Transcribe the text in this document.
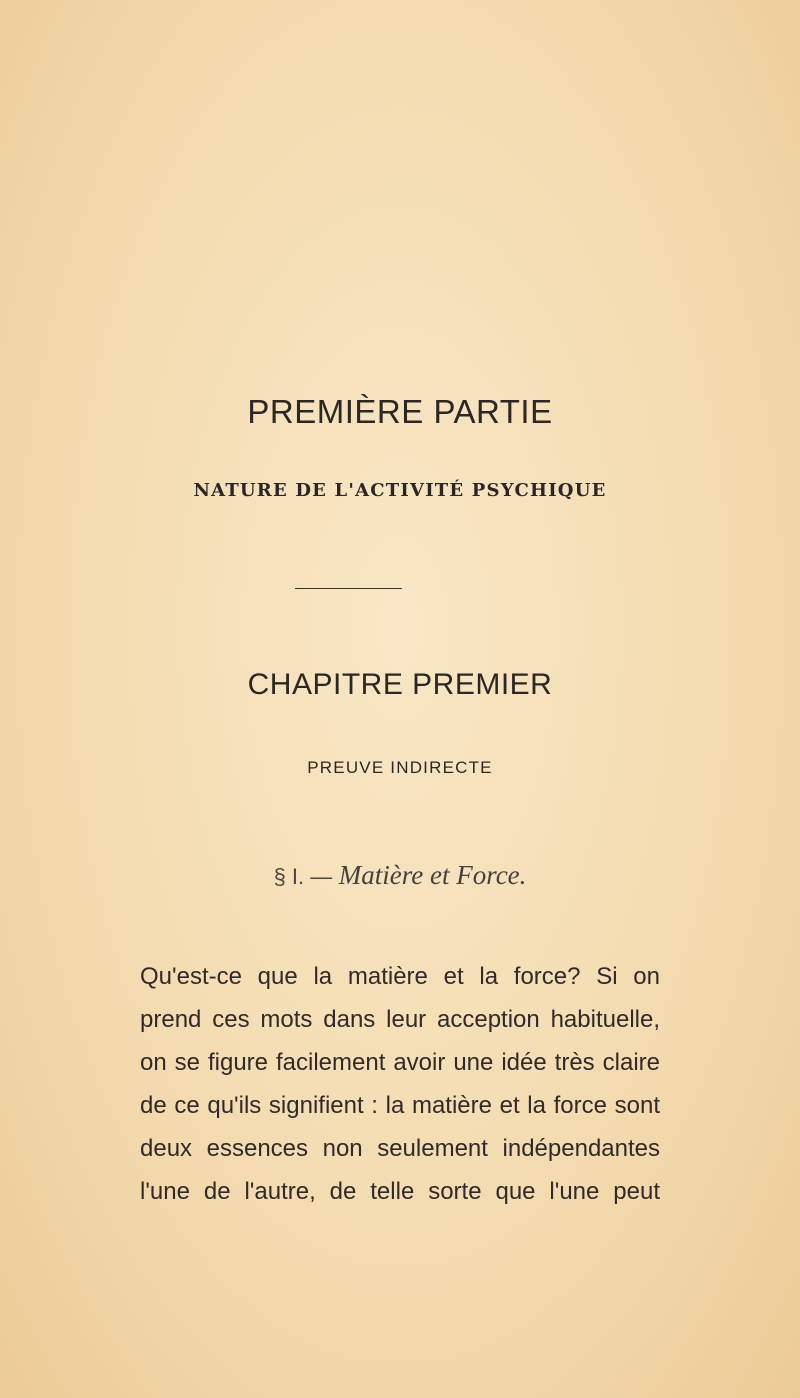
PREMIÈRE PARTIE
NATURE DE L'ACTIVITÉ PSYCHIQUE
CHAPITRE PREMIER
PREUVE INDIRECTE
§ I. — Matière et Force.
Qu'est-ce que la matière et la force? Si on
prend ces mots dans leur acception habituelle,
on se figure facilement avoir une idée très claire
de ce qu'ils signifient : la matière et la force sont
deux essences non seulement indépendantes
l'une de l'autre, de telle sorte que l'une peut
